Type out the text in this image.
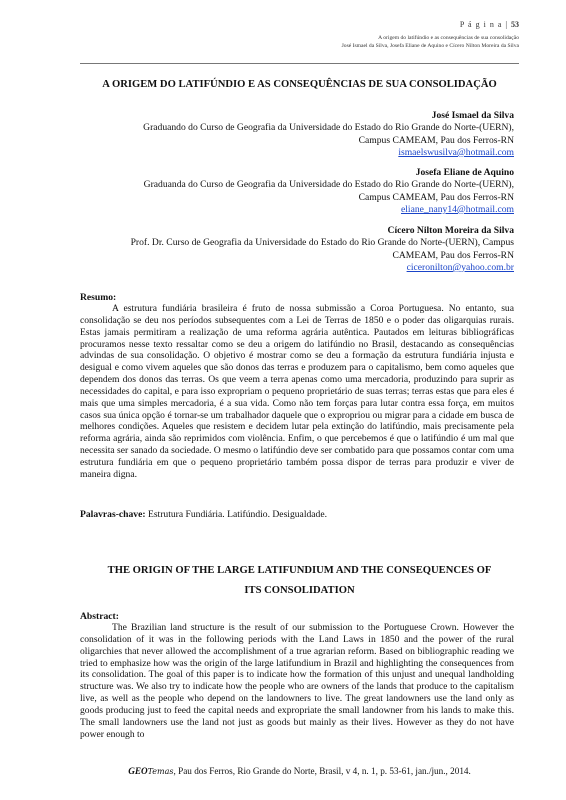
P á g i n a | 53
A origem do latifúndio e as consequências de sua consolidação
José Ismael da Silva, Josefa Eliane de Aquino e Cícero Nilton Moreira da Silva
A ORIGEM DO LATIFÚNDIO E AS CONSEQUÊNCIAS DE SUA CONSOLIDAÇÃO
José Ismael da Silva
Graduando do Curso de Geografia da Universidade do Estado do Rio Grande do Norte-(UERN),
Campus CAMEAM, Pau dos Ferros-RN
ismaelswusilva@hotmail.com
Josefa Eliane de Aquino
Graduanda do Curso de Geografia da Universidade do Estado do Rio Grande do Norte-(UERN),
Campus CAMEAM, Pau dos Ferros-RN
eliane_nany14@hotmail.com
Cícero Nilton Moreira da Silva
Prof. Dr. Curso de Geografia da Universidade do Estado do Rio Grande do Norte-(UERN), Campus
CAMEAM, Pau dos Ferros-RN
ciceronilton@yahoo.com.br
Resumo:
A estrutura fundiária brasileira é fruto de nossa submissão a Coroa Portuguesa. No entanto, sua consolidação se deu nos períodos subsequentes com a Lei de Terras de 1850 e o poder das oligarquias rurais. Estas jamais permitiram a realização de uma reforma agrária autêntica. Pautados em leituras bibliográficas procuramos nesse texto ressaltar como se deu a origem do latifúndio no Brasil, destacando as consequências advindas de sua consolidação. O objetivo é mostrar como se deu a formação da estrutura fundiária injusta e desigual e como vivem aqueles que são donos das terras e produzem para o capitalismo, bem como aqueles que dependem dos donos das terras. Os que veem a terra apenas como uma mercadoria, produzindo para suprir as necessidades do capital, e para isso expropriam o pequeno proprietário de suas terras; terras estas que para eles é mais que uma simples mercadoria, é a sua vida. Como não tem forças para lutar contra essa força, em muitos casos sua única opção é tornar-se um trabalhador daquele que o expropriou ou migrar para a cidade em busca de melhores condições. Aqueles que resistem e decidem lutar pela extinção do latifúndio, mais precisamente pela reforma agrária, ainda são reprimidos com violência. Enfim, o que percebemos é que o latifúndio é um mal que necessita ser sanado da sociedade. O mesmo o latifúndio deve ser combatido para que possamos contar com uma estrutura fundiária em que o pequeno proprietário também possa dispor de terras para produzir e viver de maneira digna.
Palavras-chave: Estrutura Fundiária. Latifúndio. Desigualdade.
THE ORIGIN OF THE LARGE LATIFUNDIUM AND THE CONSEQUENCES OF
ITS CONSOLIDATION
Abstract:
The Brazilian land structure is the result of our submission to the Portuguese Crown. However the consolidation of it was in the following periods with the Land Laws in 1850 and the power of the rural oligarchies that never allowed the accomplishment of a true agrarian reform. Based on bibliographic reading we tried to emphasize how was the origin of the large latifundium in Brazil and highlighting the consequences from its consolidation. The goal of this paper is to indicate how the formation of this unjust and unequal landholding structure was. We also try to indicate how the people who are owners of the lands that produce to the capitalism live, as well as the people who depend on the landowners to live. The great landowners use the land only as goods producing just to feed the capital needs and expropriate the small landowner from his lands to make this. The small landowners use the land not just as goods but mainly as their lives. However as they do not have power enough to
GEOTemas, Pau dos Ferros, Rio Grande do Norte, Brasil, v 4, n. 1, p. 53-61, jan./jun., 2014.
